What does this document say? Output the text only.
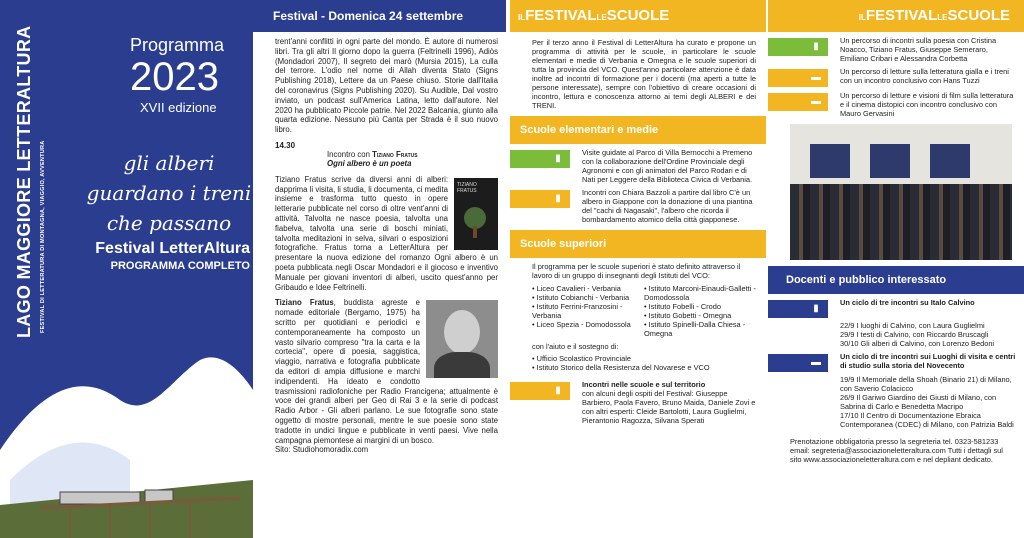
LAGO MAGGIORE LETTERALTURA FESTIVAL DI LETTERATURA DI MONTAGNA, VIAGGIO, AVVENTURA
Programma
2023
XVII edizione
gli alberi guardano i treni che passano
Festival LetterAltura
PROGRAMMA COMPLETO
Festival - Domenica 24 settembre

trent'anni conflitti in ogni parte del mondo. È autore di numerosi libri. Tra gli altri Il giorno dopo la guerra (Feltrinelli 1996), Adiòs (Mondadori 2007), Il segreto dei marò (Mursia 2015), La culla del terrore. L'odio nel nome di Allah diventa Stato (Signs Publishing 2018), Lettere da un Paese chiuso. Storie dall'Italia del coronavirus (Signs Publishing 2020). Su Audible, Dal vostro inviato, un podcast sull'America Latina, letto dall'autore. Nel 2020 ha pubblicato Piccole patrie. Nel 2022 Balcania, giunto alla quarta edizione. Nessuno più Canta per Strada è il suo nuovo libro.

14.30
Incontro con Tiziano Fratus
Ogni albero è un poeta
TIZIANO FRATUS

Tiziano Fratus scrive da diversi anni di alberi: dapprima li visita, li studia, li documenta, ci medita insieme e trasforma tutto questo in opere letterarie pubblicate nel corso di oltre vent'anni di attività. Talvolta ne nasce poesia, talvolta una fiabelva, talvolta una serie di boschi miniati, talvolta meditazioni in selva, silvari o esposizioni fotografiche. Fratus torna a LetterAltura per presentare la nuova edizione del romanzo Ogni albero è un poeta pubblicata negli Oscar Mondadori e il giocoso e inventivo Manuale per giovani inventori di alberi, uscito quest'anno per Gribaudo e Idee Feltrinelli.

Tiziano Fratus, buddista agreste e nomade editoriale (Bergamo, 1975) ha scritto per quotidiani e periodici e contemporaneamente ha composto un vasto silvario compreso "tra la carta e la cortecia", opere di poesia, saggistica, viaggio, narrativa e fotografia pubblicate da editori di ampia diffusione e marchi indipendenti. Ha ideato e condotto trasmissioni radiofoniche per Radio Francigena; attualmente è voce dei grandi alberi per Geo di Rai 3 e la serie di podcast Radio Arbor - Gli alberi parlano. Le sue fotografie sono state oggetto di mostre personali, mentre le sue poesie sono state tradotte in undici lingue e pubblicate in venti paesi. Vive nella campagna piemontese ai margini di un bosco.

Sito: Studiohomoradix.com

ILFESTIVALLESCUOLE
Per il terzo anno il Festival di LetterAltura ha curato e propone un programma di attività per le scuole, in particolare le scuole elementari e medie di Verbania e Omegna e le scuole superiori di tutta la provincia del VCO. Quest'anno particolare attenzione è data inoltre ad incontri di formazione per i docenti (ma aperti a tutte le persone interessate), sempre con l'obiettivo di creare occasioni di incontro, lettura e conoscenza attorno ai temi degli ALBERI e dei TRENI.
Scuole elementari e medie
▮
Visite guidate al Parco di Villa Bernocchi a Premeno con la collaborazione dell'Ordine Provinciale degli Agronomi e con gli animatori del Parco Rodari e di Nati per Leggere della Biblioteca Civica di Verbania.
▮
Incontri con Chiara Bazzoli a partire dal libro C'è un albero in Giappone con la donazione di una piantina del "cachi di Nagasaki", l'albero che ricorda il bombardamento atomico della città giapponese.
Scuole superiori
Il programma per le scuole superiori è stato definito attraverso il lavoro di un gruppo di insegnanti degli Istituti del VCO:
• Liceo Cavalieri - Verbania
• Istituto Cobianchi - Verbania
• Istituto Ferrini-Franzosini - Verbania
• Liceo Spezia - Domodossola
• Istituto Marconi-Einaudi-Galletti - Domodossola
• Istituto Fobelli - Crodo
• Istituto Gobetti - Omegna
• Istituto Spinelli-Dalla Chiesa - Omegna
con l'aiuto e il sostegno di:
• Ufficio Scolastico Provinciale
• Istituto Storico della Resistenza del Novarese e VCO
▮
Incontri nelle scuole e sul territorio
con alcuni degli ospiti del Festival: Giuseppe Barbiero, Paola Favero, Bruno Maida, Daniele Zovi e con altri esperti: Cleide Bartolotti, Laura Guglielmi, Pierantonio Ragozza, Silvana Sperati
ILFESTIVALLESCUOLE
▮
Un percorso di incontri sulla poesia con Cristina Noacco, Tiziano Fratus, Giuseppe Semeraro, Emiliano Cribari e Alessandra Corbetta
▬
Un percorso di letture sulla letteratura gialla e i treni con un incontro conclusivo con Hans Tuzzi
▬
Un percorso di letture e visioni di film sulla letteratura e il cinema distopici con incontro conclusivo con Mauro Gervasini
Docenti e pubblico interessato
▮
Un ciclo di tre incontri su Italo Calvino
22/9 I luoghi di Calvino, con Laura Guglielmi
29/9 I testi di Calvino, con Riccardo Bruscagli
30/10 Gli alberi di Calvino, con Lorenzo Bedoni
▬
Un ciclo di tre incontri sui Luoghi di visita e centri di studio sulla storia del Novecento
19/9 Il Memoriale della Shoah (Binario 21) di Milano, con Saverio Colacicco
26/9 Il Gariwo Giardino dei Giusti di Milano, con Sabrina di Carlo e Benedetta Macripo
17/10 Il Centro di Documentazione Ebraica Contemporanea (CDEC) di Milano, con Patrizia Baldi
Prenotazione obbligatoria presso la segreteria tel. 0323-581233 email: segreteria@associazioneletteraltura.com Tutti i dettagli sul sito www.associazioneletteraltura.com e nel depliant dedicato.
